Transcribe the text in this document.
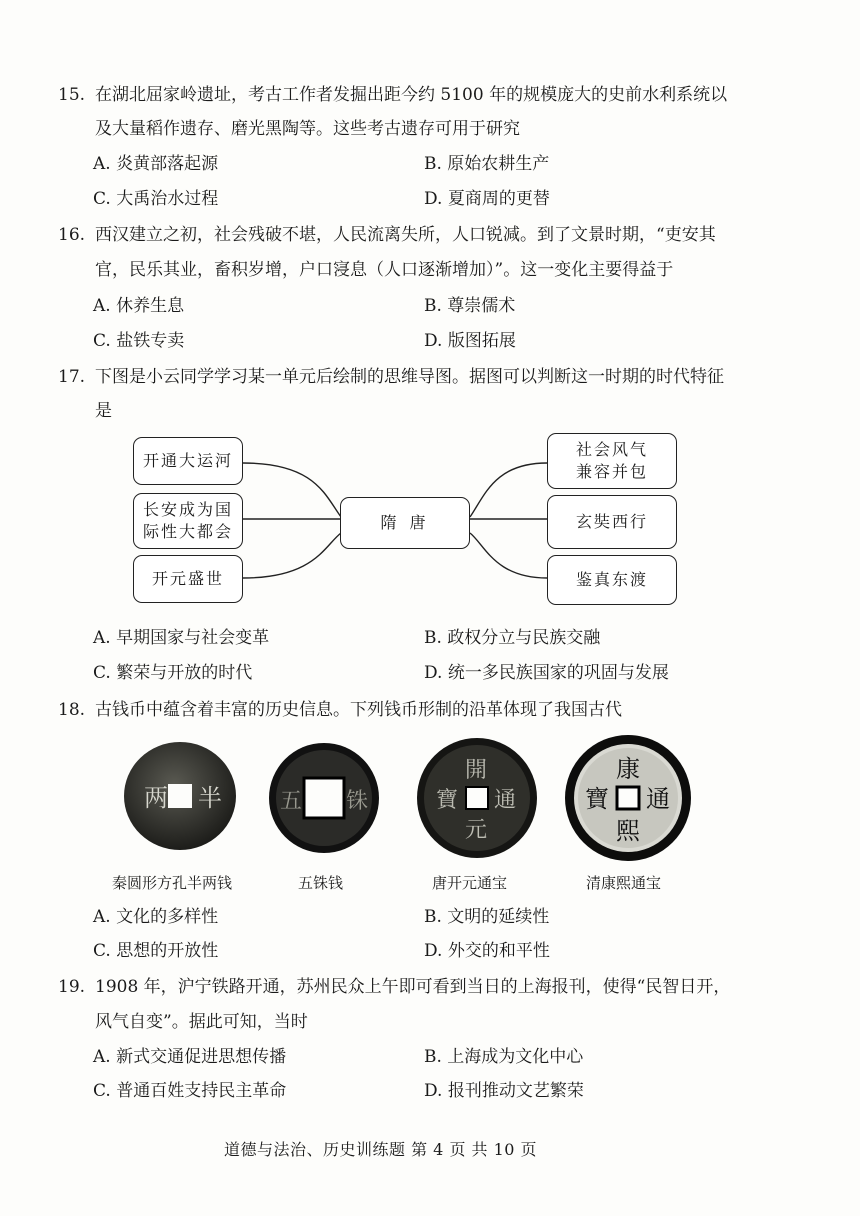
15. 在湖北屈家岭遗址，考古工作者发掘出距今约 5100 年的规模庞大的史前水利系统以
及大量稻作遗存、磨光黑陶等。这些考古遗存可用于研究
A. 炎黄部落起源	B. 原始农耕生产
C. 大禹治水过程	D. 夏商周的更替
16. 西汉建立之初，社会残破不堪，人民流离失所，人口锐减。到了文景时期，“吏安其
官，民乐其业，畜积岁增，户口寖息（人口逐渐增加）”。这一变化主要得益于
A. 休养生息	B. 尊崇儒术
C. 盐铁专卖	D. 版图拓展
17. 下图是小云同学学习某一单元后绘制的思维导图。据图可以判断这一时期的时代特征
是
开通大运河
长安成为国
际性大都会
开元盛世
隋 唐
社会风气
兼容并包
玄奘西行
鉴真东渡
A. 早期国家与社会变革	B. 政权分立与民族交融
C. 繁荣与开放的时代	D. 统一多民族国家的巩固与发展
18. 古钱币中蕴含着丰富的历史信息。下列钱币形制的沿革体现了我国古代
两 半	五 铢
開
通
元
寶
康
通
熙
寶
秦圆形方孔半两钱	五铢钱	唐开元通宝	清康熙通宝
A. 文化的多样性	B. 文明的延续性
C. 思想的开放性	D. 外交的和平性
19. 1908 年，沪宁铁路开通，苏州民众上午即可看到当日的上海报刊，使得“民智日开，
风气自变”。据此可知，当时
A. 新式交通促进思想传播	B. 上海成为文化中心
C. 普通百姓支持民主革命	D. 报刊推动文艺繁荣
道德与法治、历史训练题 第 4 页 共 10 页
